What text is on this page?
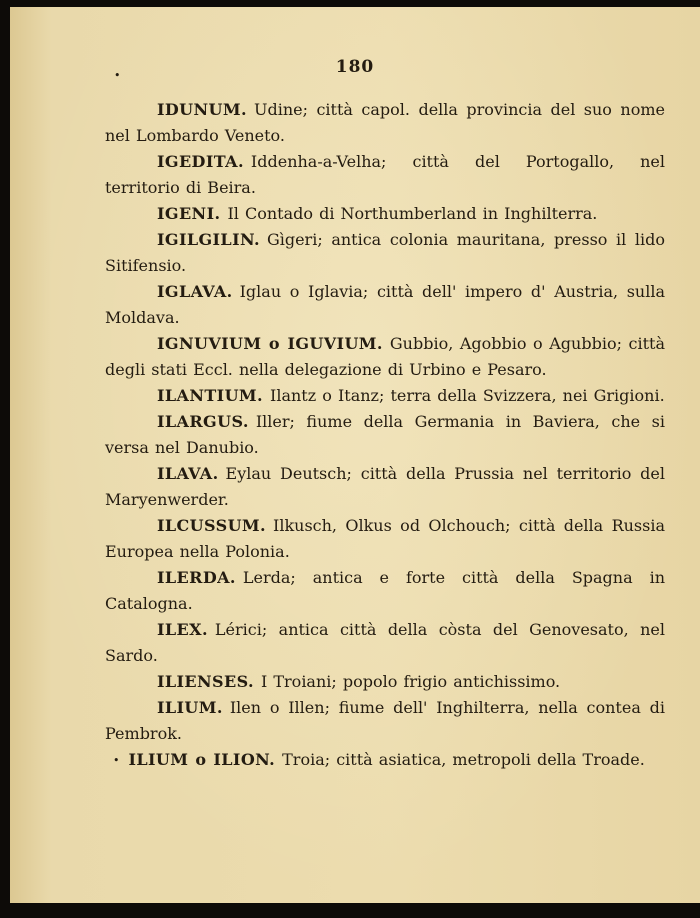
•	180

IDUNUM. Udine; città capol. della provincia del suo nome nel Lombardo Veneto.

IGEDITA. Iddenha-a-Velha; città del Portogallo, nel territorio di Beira.

IGENI. Il Contado di Northumberland in Inghilterra.

IGILGILIN. Gìgeri; antica colonia mauritana, presso il lido Sitifensio.

IGLAVA. Iglau o Iglavia; città dell' impero d' Austria, sulla Moldava.

IGNUVIUM o IGUVIUM. Gubbio, Agobbio o Agubbio; città degli stati Eccl. nella delegazione di Urbino e Pesaro.

ILANTIUM. Ilantz o Itanz; terra della Svizzera, nei Grigioni.

ILARGUS. Iller; fiume della Germania in Baviera, che si versa nel Danubio.

ILAVA. Eylau Deutsch; città della Prussia nel territorio del Maryenwerder.

ILCUSSUM. Ilkusch, Olkus od Olchouch; città della Russia Europea nella Polonia.

ILERDA. Lerda; antica e forte città della Spagna in Catalogna.

ILEX. Lérici; antica città della còsta del Genovesato, nel Sardo.

ILIENSES. I Troiani; popolo frigio antichissimo.

ILIUM. Ilen o Illen; fiume dell' Inghilterra, nella contea di Pembrok.

• ILIUM o ILION. Troia; città asiatica, metropoli della Troade.
